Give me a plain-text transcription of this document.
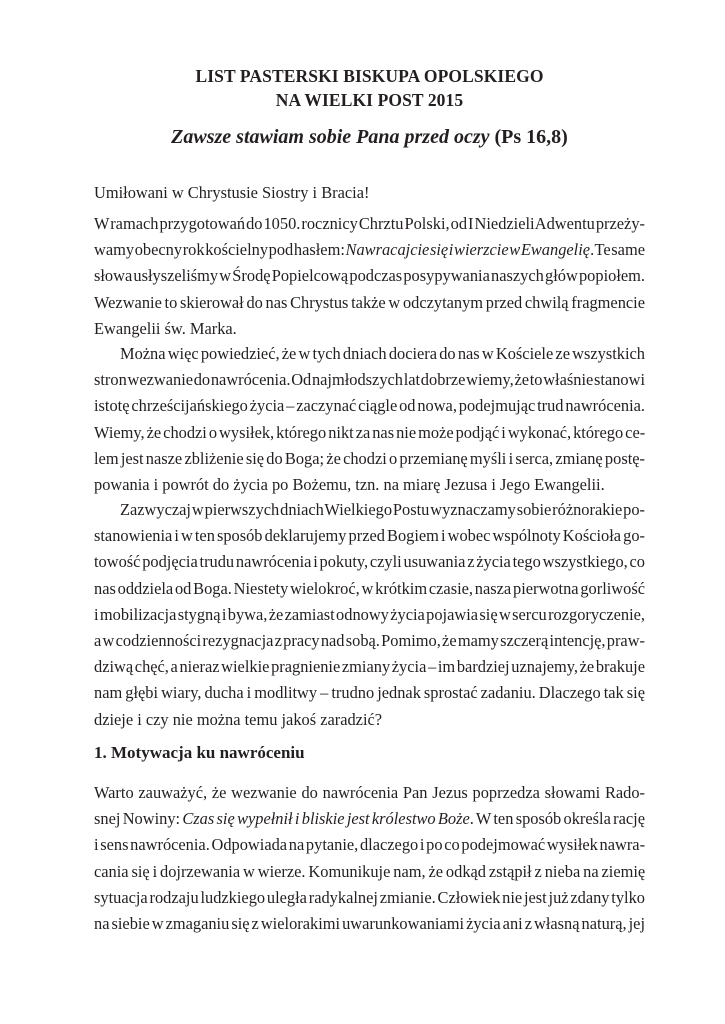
LIST PASTERSKI BISKUPA OPOLSKIEGO
NA WIELKI POST 2015
Zawsze stawiam sobie Pana przed oczy (Ps 16,8)
Umiłowani w Chrystusie Siostry i Bracia!
W ramach przygotowań do 1050. rocznicy Chrztu Polski, od I Niedzieli Adwentu przeży-
wamy obecny rok kościelny pod hasłem: Nawracajcie się i wierzcie w Ewangelię. Te same
słowa usłyszeliśmy w Środę Popielcową podczas posypywania naszych głów popiołem.
Wezwanie to skierował do nas Chrystus także w odczytanym przed chwilą fragmencie
Ewangelii św. Marka.
Można więc powiedzieć, że w tych dniach dociera do nas w Kościele ze wszystkich
stron wezwanie do nawrócenia. Od najmłodszych lat dobrze wiemy, że to właśnie stanowi
istotę chrześcijańskiego życia – zaczynać ciągle od nowa, podejmując trud nawrócenia.
Wiemy, że chodzi o wysiłek, którego nikt za nas nie może podjąć i wykonać, którego ce-
lem jest nasze zbliżenie się do Boga; że chodzi o przemianę myśli i serca, zmianę postę-
powania i powrót do życia po Bożemu, tzn. na miarę Jezusa i Jego Ewangelii.
Zazwyczaj w pierwszych dniach Wielkiego Postu wyznaczamy sobie różnorakie po-
stanowienia i w ten sposób deklarujemy przed Bogiem i wobec wspólnoty Kościoła go-
towość podjęcia trudu nawrócenia i pokuty, czyli usuwania z życia tego wszystkiego, co
nas oddziela od Boga. Niestety wielokroć, w krótkim czasie, nasza pierwotna gorliwość
i mobilizacja stygną i bywa, że zamiast odnowy życia pojawia się w sercu rozgoryczenie,
a w codzienności rezygnacja z pracy nad sobą. Pomimo, że mamy szczerą intencję, praw-
dziwą chęć, a nieraz wielkie pragnienie zmiany życia – im bardziej uznajemy, że brakuje
nam głębi wiary, ducha i modlitwy – trudno jednak sprostać zadaniu. Dlaczego tak się
dzieje i czy nie można temu jakoś zaradzić?
1. Motywacja ku nawróceniu
Warto zauważyć, że wezwanie do nawrócenia Pan Jezus poprzedza słowami Rado-
snej Nowiny: Czas się wypełnił i bliskie jest królestwo Boże. W ten sposób określa rację
i sens nawrócenia. Odpowiada na pytanie, dlaczego i po co podejmować wysiłek nawra-
cania się i dojrzewania w wierze. Komunikuje nam, że odkąd zstąpił z nieba na ziemię
sytuacja rodzaju ludzkiego uległa radykalnej zmianie. Człowiek nie jest już zdany tylko
na siebie w zmaganiu się z wielorakimi uwarunkowaniami życia ani z własną naturą, jej
